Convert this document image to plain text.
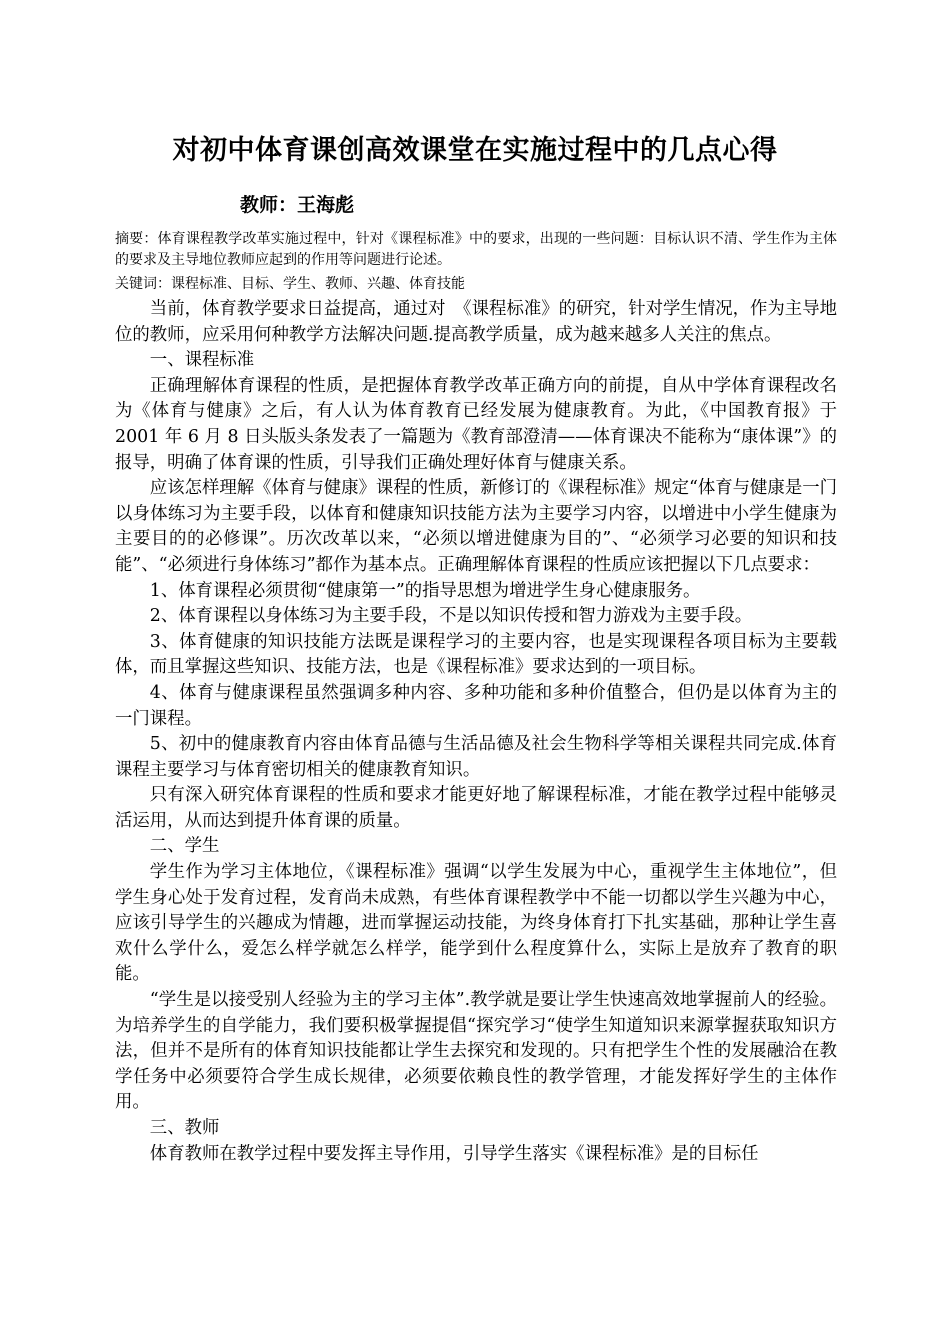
对初中体育课创高效课堂在实施过程中的几点心得
教师：王海彪
摘要：体育课程教学改革实施过程中，针对《课程标准》中的要求，出现的一些问题：目标认识不清、学生作为主体的要求及主导地位教师应起到的作用等问题进行论述。
关键词：课程标准、目标、学生、教师、兴趣、体育技能

当前，体育教学要求日益提高，通过对　《课程标准》的研究，针对学生情况，作为主导地位的教师，应采用何种教学方法解决问题.提高教学质量，成为越来越多人关注的焦点。

一、课程标准

正确理解体育课程的性质，是把握体育教学改革正确方向的前提，自从中学体育课程改名为《体育与健康》之后，有人认为体育教育已经发展为健康教育。为此，《中国教育报》于 2001 年 6 月 8 日头版头条发表了一篇题为《教育部澄清——体育课决不能称为“康体课”》的报导，明确了体育课的性质，引导我们正确处理好体育与健康关系。

应该怎样理解《体育与健康》课程的性质，新修订的《课程标准》规定“体育与健康是一门以身体练习为主要手段，以体育和健康知识技能方法为主要学习内容，以增进中小学生健康为主要目的的必修课”。历次改革以来，“必须以增进健康为目的”、“必须学习必要的知识和技能”、“必须进行身体练习”都作为基本点。正确理解体育课程的性质应该把握以下几点要求：

1、体育课程必须贯彻“健康第一”的指导思想为增进学生身心健康服务。

2、体育课程以身体练习为主要手段，不是以知识传授和智力游戏为主要手段。

3、体育健康的知识技能方法既是课程学习的主要内容，也是实现课程各项目标为主要载体，而且掌握这些知识、技能方法，也是《课程标准》要求达到的一项目标。

4、体育与健康课程虽然强调多种内容、多种功能和多种价值整合，但仍是以体育为主的一门课程。

5、初中的健康教育内容由体育品德与生活品德及社会生物科学等相关课程共同完成.体育课程主要学习与体育密切相关的健康教育知识。

只有深入研究体育课程的性质和要求才能更好地了解课程标准，才能在教学过程中能够灵活运用，从而达到提升体育课的质量。

二、学生

学生作为学习主体地位，《课程标准》强调“以学生发展为中心，重视学生主体地位”，但学生身心处于发育过程，发育尚未成熟，有些体育课程教学中不能一切都以学生兴趣为中心，应该引导学生的兴趣成为情趣，进而掌握运动技能，为终身体育打下扎实基础，那种让学生喜欢什么学什么，爱怎么样学就怎么样学，能学到什么程度算什么，实际上是放弃了教育的职能。

“学生是以接受别人经验为主的学习主体”.教学就是要让学生快速高效地掌握前人的经验。为培养学生的自学能力，我们要积极掌握提倡“探究学习“使学生知道知识来源掌握获取知识方法，但并不是所有的体育知识技能都让学生去探究和发现的。只有把学生个性的发展融洽在教学任务中必须要符合学生成长规律，必须要依赖良性的教学管理，才能发挥好学生的主体作用。

三、教师

体育教师在教学过程中要发挥主导作用，引导学生落实《课程标准》是的目标任
